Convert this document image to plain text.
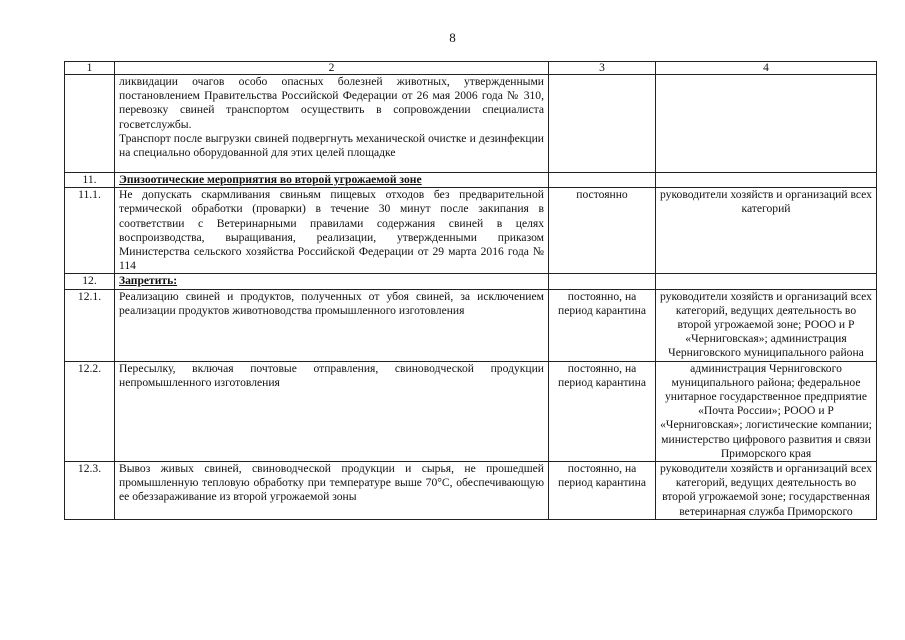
8
1	2	3	4

	ликвидации очагов особо опасных болезней животных, утвержденными постановлением Правительства Российской Федерации от 26 мая 2006 года № 310, перевозку свиней транспортом осуществить в сопровождении специалиста госветслужбы.

Транспорт после выгрузки свиней подвергнуть механической очистке и дезинфекции на специально оборудованной для этих целей площадке		

11.	Эпизоотические мероприятия во второй угрожаемой зоне		
11.1.	Не допускать скармливания свиньям пищевых отходов без предварительной термической обработки (проварки) в течение 30 минут после закипания в соответствии с Ветеринарными правилами содержания свиней в целях воспроизводства, выращивания, реализации, утвержденными приказом Министерства сельского хозяйства Российской Федерации от 29 марта 2016 года № 114	постоянно	руководители хозяйств и организаций всех категорий
12.	Запретить:		
12.1.	Реализацию свиней и продуктов, полученных от убоя свиней, за исключением реализации продуктов животноводства промышленного изготовления	постоянно, на период карантина	руководители хозяйств и организаций всех категорий, ведущих деятельность во второй угрожаемой зоне; РООО и Р «Черниговская»; администрация Черниговского муниципального района
12.2.	Пересылку, включая почтовые отправления, свиноводческой продукции непромышленного изготовления	постоянно, на период карантина	администрация Черниговского муниципального района; федеральное унитарное государственное предприятие «Почта России»; РООО и Р «Черниговская»; логистические компании; министерство цифрового развития и связи Приморского края
12.3.	Вывоз живых свиней, свиноводческой продукции и сырья, не прошедшей промышленную тепловую обработку при температуре выше 70°С, обеспечивающую ее обеззараживание из второй угрожаемой зоны	постоянно, на период карантина	руководители хозяйств и организаций всех категорий, ведущих деятельность во второй угрожаемой зоне; государственная ветеринарная служба Приморского
